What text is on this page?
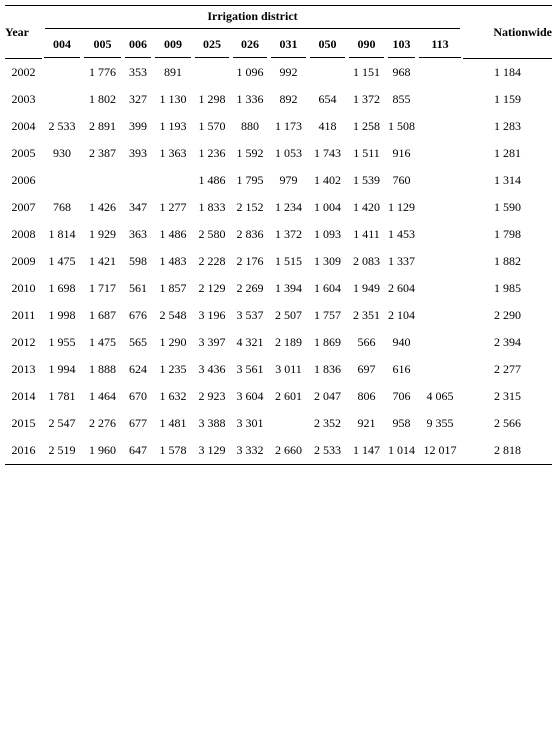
Year	Irrigation district											Nationwide

	004	005	006	009	025	026	031	050	090	103	113	

2002		1 776	353	891		1 096	992		1 151	968		1 184
2003		1 802	327	1 130	1 298	1 336	892	654	1 372	855		1 159
2004	2 533	2 891	399	1 193	1 570	880	1 173	418	1 258	1 508		1 283
2005	930	2 387	393	1 363	1 236	1 592	1 053	1 743	1 511	916		1 281
2006					1 486	1 795	979	1 402	1 539	760		1 314
2007	768	1 426	347	1 277	1 833	2 152	1 234	1 004	1 420	1 129		1 590
2008	1 814	1 929	363	1 486	2 580	2 836	1 372	1 093	1 411	1 453		1 798
2009	1 475	1 421	598	1 483	2 228	2 176	1 515	1 309	2 083	1 337		1 882
2010	1 698	1 717	561	1 857	2 129	2 269	1 394	1 604	1 949	2 604		1 985
2011	1 998	1 687	676	2 548	3 196	3 537	2 507	1 757	2 351	2 104		2 290
2012	1 955	1 475	565	1 290	3 397	4 321	2 189	1 869	566	940		2 394
2013	1 994	1 888	624	1 235	3 436	3 561	3 011	1 836	697	616		2 277
2014	1 781	1 464	670	1 632	2 923	3 604	2 601	2 047	806	706	4 065	2 315
2015	2 547	2 276	677	1 481	3 388	3 301		2 352	921	958	9 355	2 566
2016	2 519	1 960	647	1 578	3 129	3 332	2 660	2 533	1 147	1 014	12 017	2 818
